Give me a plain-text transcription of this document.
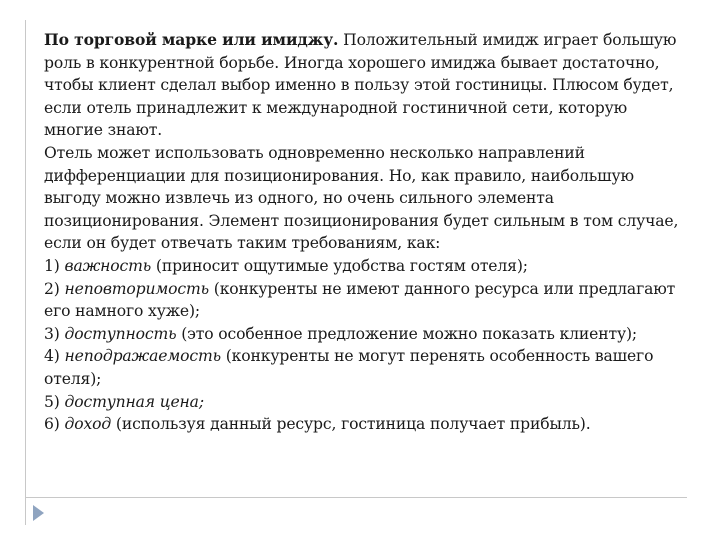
По торговой марке или имиджу. Положительный имидж играет большую роль в конкурентной борьбе. Иногда хорошего имиджа бывает достаточно, чтобы клиент сделал выбор именно в пользу этой гостиницы. Плюсом будет, если отель принадлежит к международной гостиничной сети, которую многие знают.

Отель может использовать одновременно несколько направлений дифференциации для позиционирования. Но, как правило, наибольшую выгоду можно извлечь из одного, но очень сильного элемента позиционирования. Элемент позиционирования будет сильным в том случае, если он будет отвечать таким требованиям, как:

1) важность (приносит ощутимые удобства гостям отеля);

2) неповторимость (конкуренты не имеют данного ресурса или предлагают его намного хуже);

3) доступность (это особенное предложение можно показать клиенту);

4) неподражаемость (конкуренты не могут перенять особенность вашего отеля);

5) доступная цена;

6) доход (используя данный ресурс, гостиница получает прибыль).
